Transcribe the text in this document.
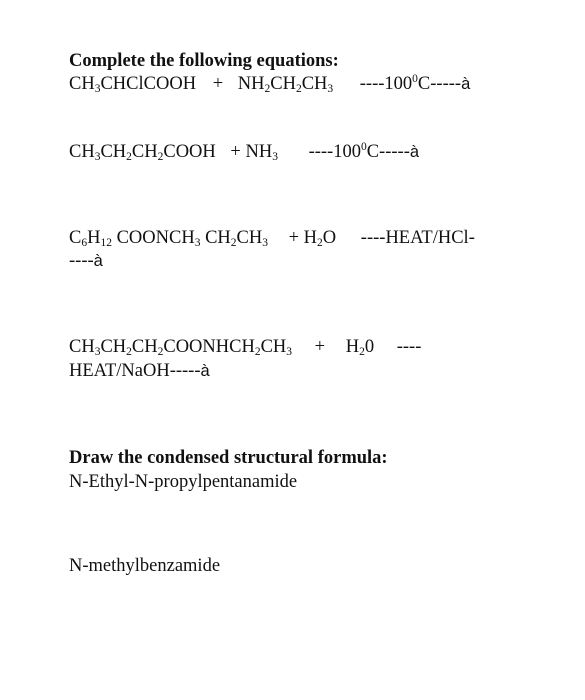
Complete the following equations:
$CH_3CHClCOOH + NH_2CH_2CH_3$ $----100^0C-----à$
$CH_3CH_2CH_2COOH + NH_3$ $----100^0C-----à$
$C_6H_{12}$ $COONCH_3$ $CH_2CH_3 + H_2O$ ----HEAT/HCl-
----à
$CH_3CH_2CH_2COONHCH_2CH_3 + H_20$ ----
HEAT/NaOH-----à
Draw the condensed structural formula:
N-Ethyl-N-propylpentanamide
N-methylbenzamide
